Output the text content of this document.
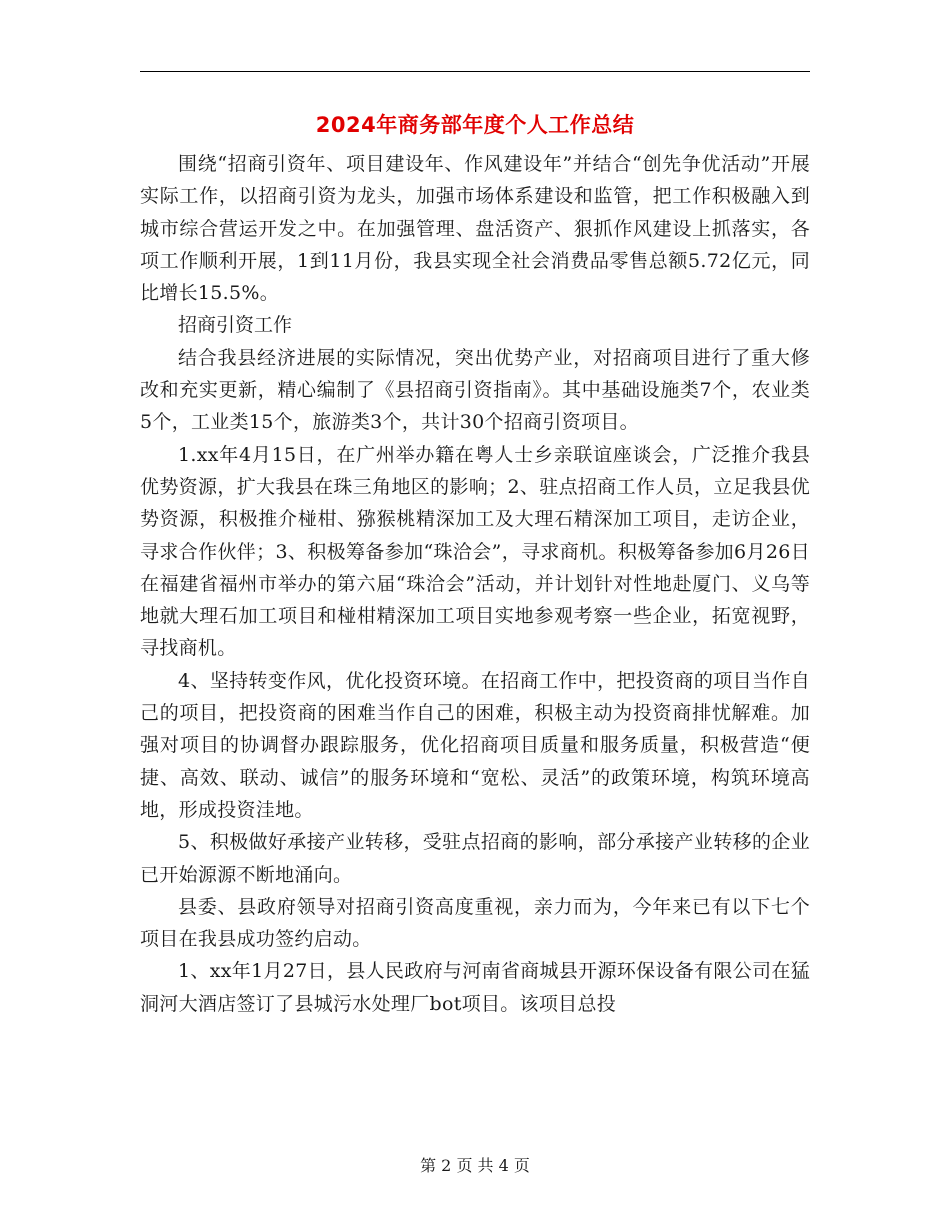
2024年商务部年度个人工作总结

围绕“招商引资年、项目建设年、作风建设年”并结合“创先争优活动”开展实际工作，以招商引资为龙头，加强市场体系建设和监管，把工作积极融入到城市综合营运开发之中。在加强管理、盘活资产、狠抓作风建设上抓落实，各项工作顺利开展，1到11月份，我县实现全社会消费品零售总额5.72亿元，同比增长15.5%。

招商引资工作

结合我县经济进展的实际情况，突出优势产业，对招商项目进行了重大修改和充实更新，精心编制了《县招商引资指南》。其中基础设施类7个，农业类5个，工业类15个，旅游类3个，共计30个招商引资项目。

1.xx年4月15日，在广州举办籍在粤人士乡亲联谊座谈会，广泛推介我县优势资源，扩大我县在珠三角地区的影响；2、驻点招商工作人员，立足我县优势资源，积极推介椪柑、猕猴桃精深加工及大理石精深加工项目，走访企业，寻求合作伙伴；3、积极筹备参加“珠洽会”，寻求商机。积极筹备参加6月26日在福建省福州市举办的第六届“珠洽会”活动，并计划针对性地赴厦门、义乌等地就大理石加工项目和椪柑精深加工项目实地参观考察一些企业，拓宽视野，寻找商机。

4、坚持转变作风，优化投资环境。在招商工作中，把投资商的项目当作自己的项目，把投资商的困难当作自己的困难，积极主动为投资商排忧解难。加强对项目的协调督办跟踪服务，优化招商项目质量和服务质量，积极营造“便捷、高效、联动、诚信”的服务环境和“宽松、灵活”的政策环境，构筑环境高地，形成投资洼地。

5、积极做好承接产业转移，受驻点招商的影响，部分承接产业转移的企业已开始源源不断地涌向。

县委、县政府领导对招商引资高度重视，亲力而为，今年来已有以下七个项目在我县成功签约启动。

1、xx年1月27日，县人民政府与河南省商城县开源环保设备有限公司在猛洞河大酒店签订了县城污水处理厂bot项目。该项目总投

第 2 页 共 4 页
